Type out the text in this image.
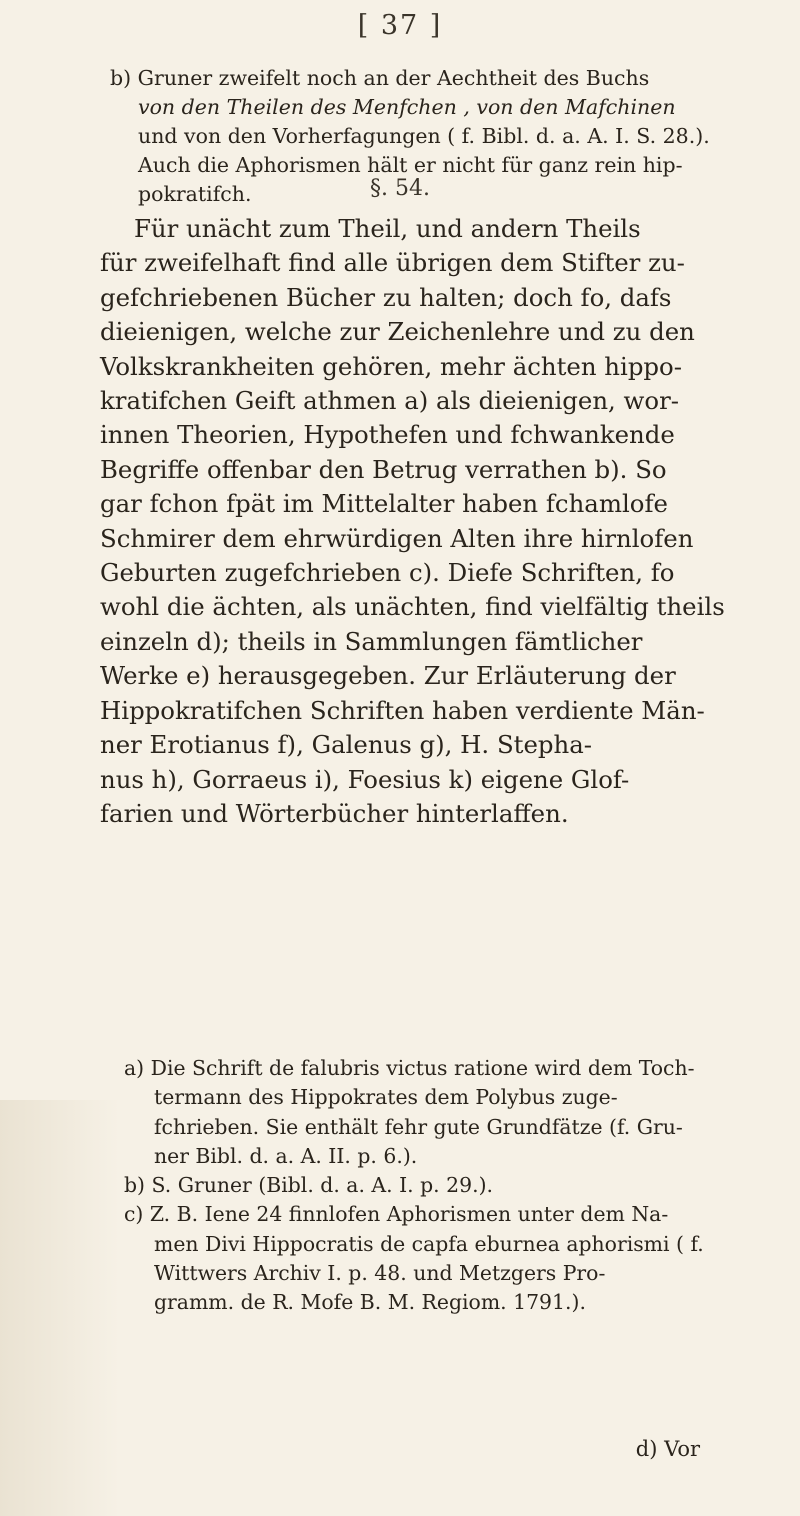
[ 37 ]
b) Gruner zweifelt noch an der Aechtheit des Buchs
von den Theilen des Menfchen , von den Mafchinen
und von den Vorherfagungen ( f. Bibl. d. a. A. I. S. 28.).
Auch die Aphorismen hält er nicht für ganz rein hip-
pokratifch.	§. 54.
Für unächt zum Theil, und andern Theils
für zweifelhaft find alle übrigen dem Stifter zu-
gefchriebenen Bücher zu halten; doch fo, dafs
dieienigen, welche zur Zeichenlehre und zu den
Volkskrankheiten gehören, mehr ächten hippo-
kratifchen Geift athmen a) als dieienigen, wor-
innen Theorien, Hypothefen und fchwankende
Begriffe offenbar den Betrug verrathen b). So
gar fchon fpät im Mittelalter haben fchamlofe
Schmirer dem ehrwürdigen Alten ihre hirnlofen
Geburten zugefchrieben c). Diefe Schriften, fo
wohl die ächten, als unächten, find vielfältig theils
einzeln d); theils in Sammlungen fämtlicher
Werke e) herausgegeben. Zur Erläuterung der
Hippokratifchen Schriften haben verdiente Män-
ner Erotianus f), Galenus g), H. Stepha-
nus h), Gorraeus i), Foesius k) eigene Glof-
farien und Wörterbücher hinterlaffen.
a) Die Schrift de falubris victus ratione wird dem Toch-
termann des Hippokrates dem Polybus zuge-
fchrieben. Sie enthält fehr gute Grundfätze (f. Gru-
ner Bibl. d. a. A. II. p. 6.).
b) S. Gruner (Bibl. d. a. A. I. p. 29.).
c) Z. B. Iene 24 finnlofen Aphorismen unter dem Na-
men Divi Hippocratis de capfa eburnea aphorismi ( f.
Wittwers Archiv I. p. 48. und Metzgers Pro-
gramm. de R. Mofe B. M. Regiom. 1791.).
d) Vor
